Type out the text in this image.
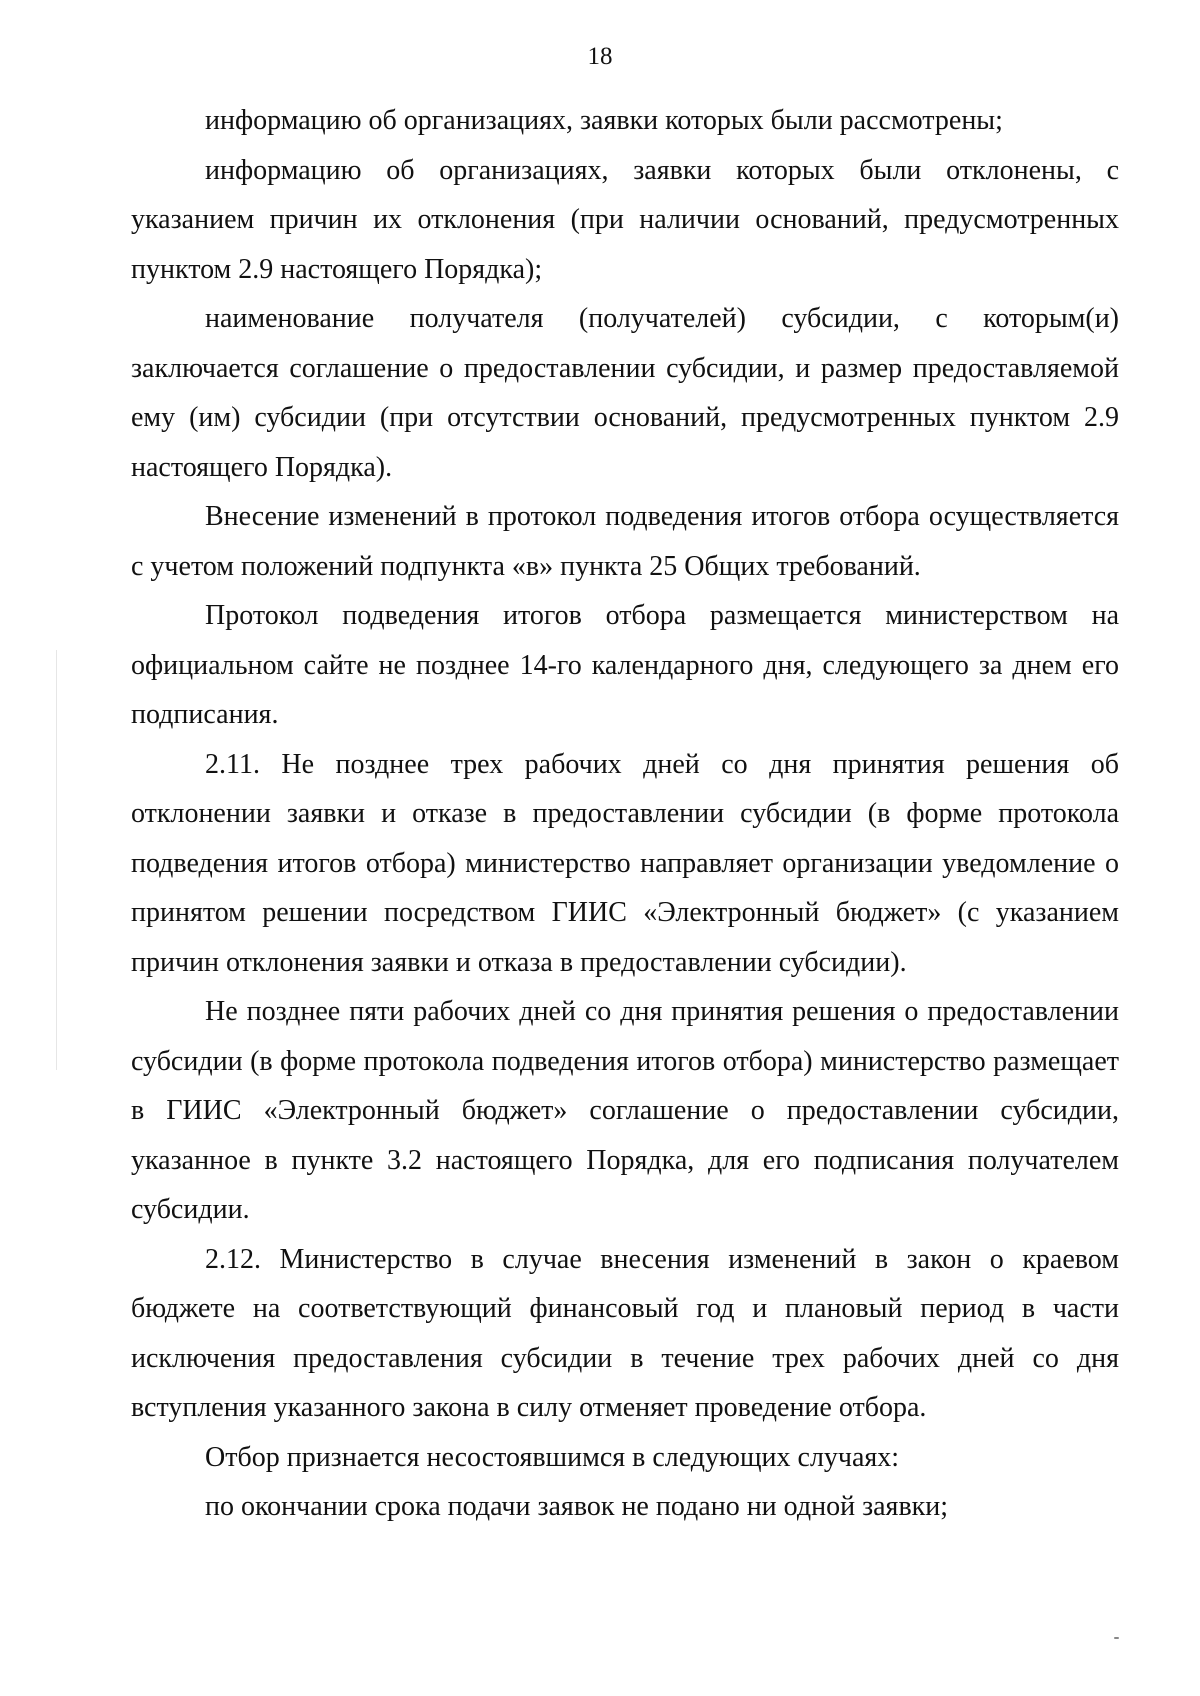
18

информацию об организациях, заявки которых были рассмотрены;

информацию об организациях, заявки которых были отклонены, с указанием причин их отклонения (при наличии оснований, предусмотренных пунктом 2.9 настоящего Порядка);

наименование получателя (получателей) субсидии, с которым(и) заключается соглашение о предоставлении субсидии, и размер предоставляемой ему (им) субсидии (при отсутствии оснований, предусмотренных пунктом 2.9 настоящего Порядка).

Внесение изменений в протокол подведения итогов отбора осуществляется с учетом положений подпункта «в» пункта 25 Общих требований.

Протокол подведения итогов отбора размещается министерством на официальном сайте не позднее 14-го календарного дня, следующего за днем его подписания.

2.11. Не позднее трех рабочих дней со дня принятия решения об отклонении заявки и отказе в предоставлении субсидии (в форме протокола подведения итогов отбора) министерство направляет организации уведомление о принятом решении посредством ГИИС «Электронный бюджет» (с указанием причин отклонения заявки и отказа в предоставлении субсидии).

Не позднее пяти рабочих дней со дня принятия решения о предоставлении субсидии (в форме протокола подведения итогов отбора) министерство размещает в ГИИС «Электронный бюджет» соглашение о предоставлении субсидии, указанное в пункте 3.2 настоящего Порядка, для его подписания получателем субсидии.

2.12. Министерство в случае внесения изменений в закон о краевом бюджете на соответствующий финансовый год и плановый период в части исключения предоставления субсидии в течение трех рабочих дней со дня вступления указанного закона в силу отменяет проведение отбора.

Отбор признается несостоявшимся в следующих случаях:

по окончании срока подачи заявок не подано ни одной заявки;
